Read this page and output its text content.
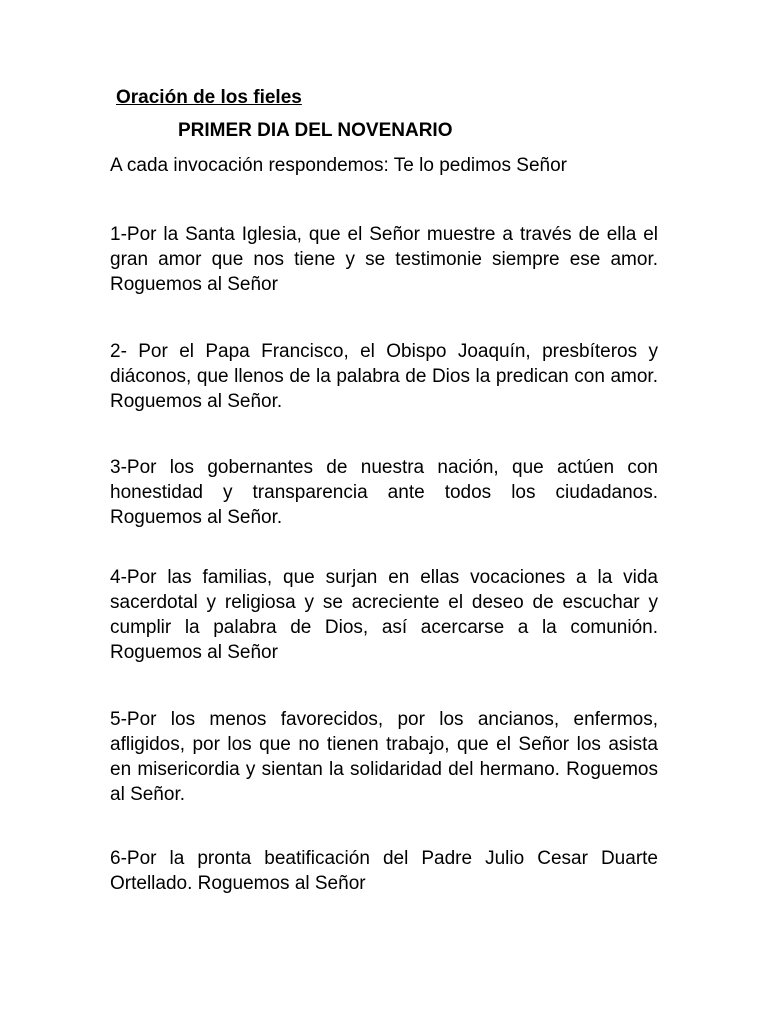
Oración de los fieles

PRIMER DIA DEL NOVENARIO

A cada invocación respondemos: Te lo pedimos Señor

1-Por la Santa Iglesia, que el Señor muestre a través de ella el gran amor que nos tiene y se testimonie siempre ese amor. Roguemos al Señor

2- Por el Papa Francisco, el Obispo Joaquín, presbíteros y diáconos, que llenos de la palabra de Dios la predican con amor. Roguemos al Señor.

3-Por los gobernantes de nuestra nación, que actúen con honestidad y transparencia ante todos los ciudadanos. Roguemos al Señor.

4-Por las familias, que surjan en ellas vocaciones a la vida sacerdotal y religiosa y se acreciente el deseo de escuchar y cumplir la palabra de Dios, así acercarse a la comunión. Roguemos al Señor

5-Por los menos favorecidos, por los ancianos, enfermos, afligidos, por los que no tienen trabajo, que el Señor los asista en misericordia y sientan la solidaridad del hermano. Roguemos al Señor.

6-Por la pronta beatificación del Padre Julio Cesar Duarte Ortellado. Roguemos al Señor
